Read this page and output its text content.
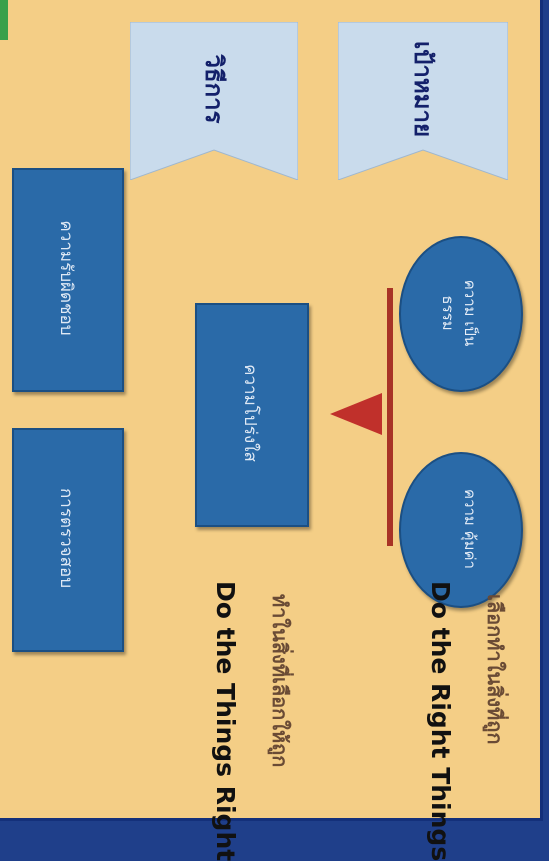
เป้าหมาย
วิธีการ
ความ เป็นธรรม
ความ คุ้มค่า
ความโปร่งใส
ความรับผิดชอบ
การตรวจสอบ
เลือกทำในสิ่งที่ถูก
Do the Right Things
ทำในสิ่งที่เลือกให้ถูก
Do the Things Right
